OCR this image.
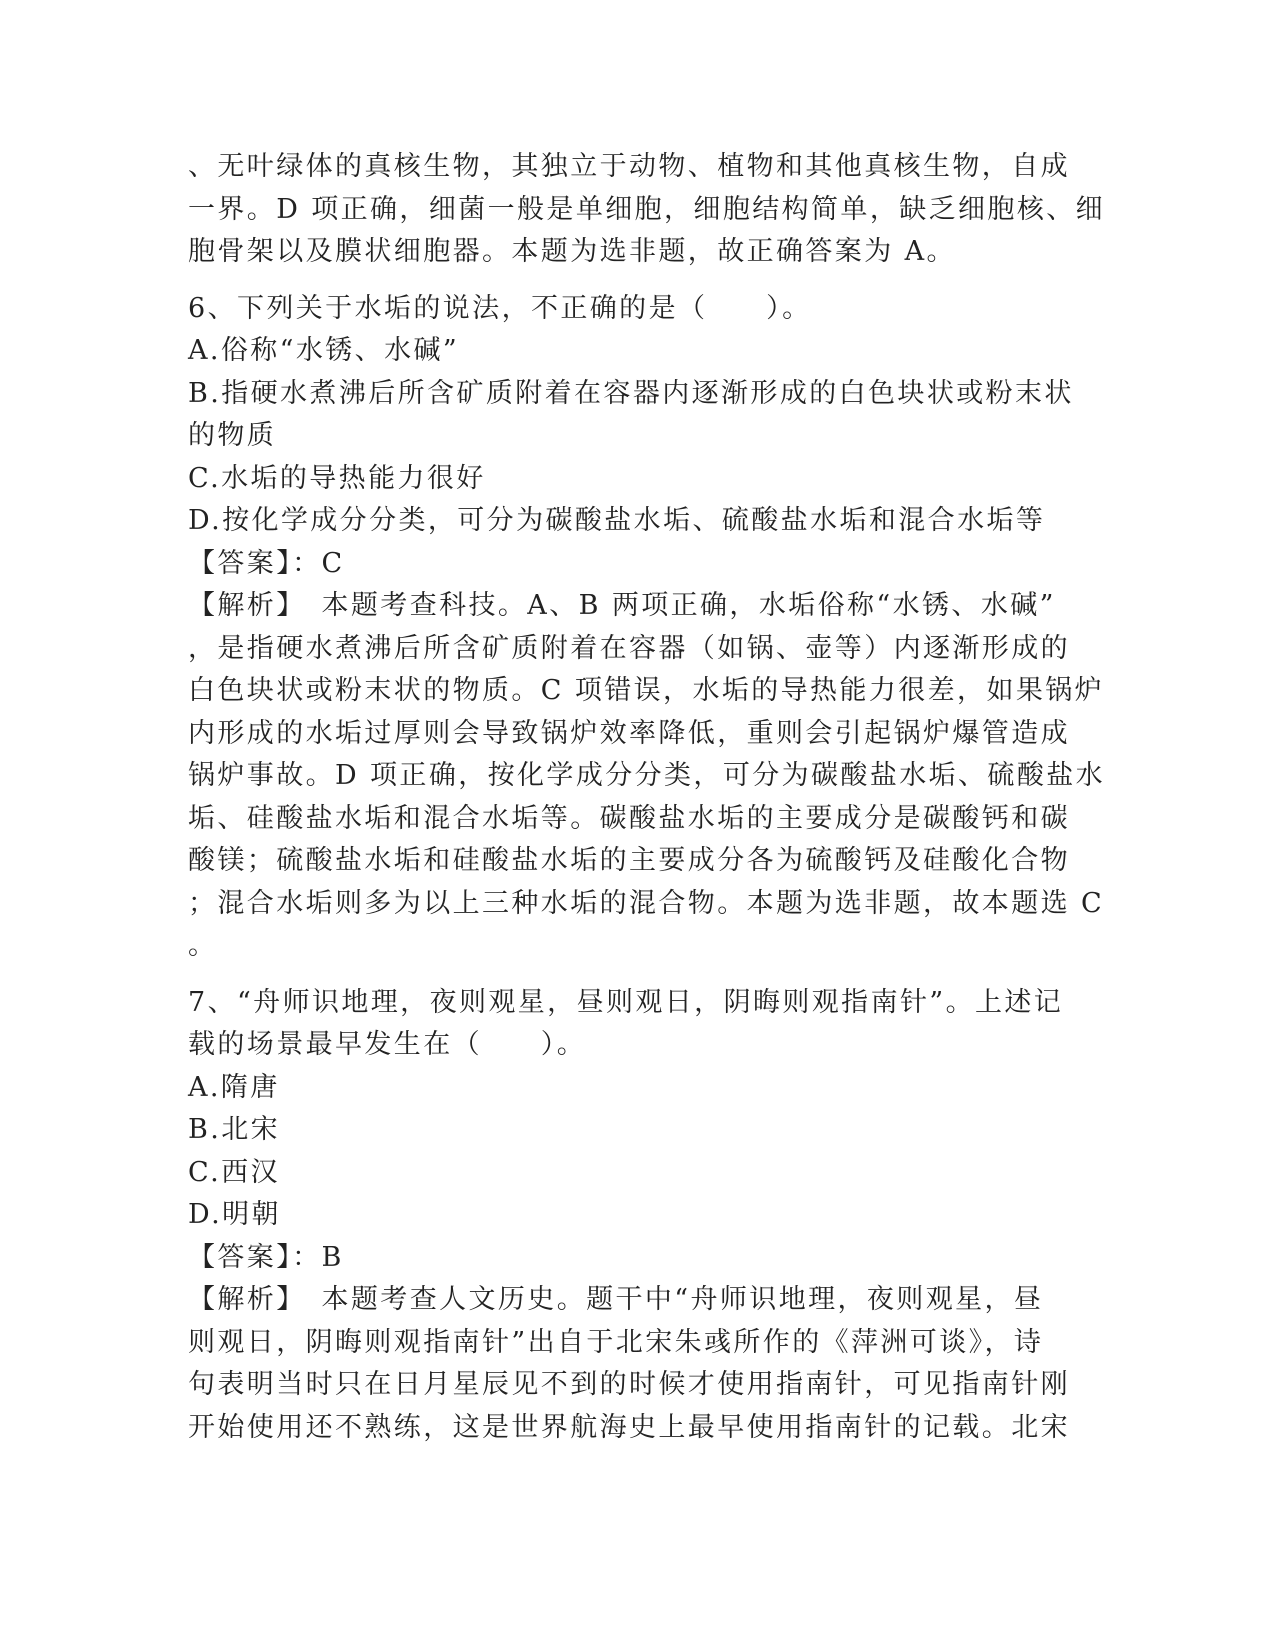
、无叶绿体的真核生物，其独立于动物、植物和其他真核生物，自成
一界。D 项正确，细菌一般是单细胞，细胞结构简单，缺乏细胞核、细
胞骨架以及膜状细胞器。本题为选非题，故正确答案为 A。
6、下列关于水垢的说法，不正确的是（　　）。
A.俗称“水锈、水碱”
B.指硬水煮沸后所含矿质附着在容器内逐渐形成的白色块状或粉末状
的物质
C.水垢的导热能力很好
D.按化学成分分类，可分为碳酸盐水垢、硫酸盐水垢和混合水垢等
【答案】：C
【解析】　本题考查科技。A、B 两项正确，水垢俗称“水锈、水碱”
，是指硬水煮沸后所含矿质附着在容器（如锅、壶等）内逐渐形成的
白色块状或粉末状的物质。C 项错误，水垢的导热能力很差，如果锅炉
内形成的水垢过厚则会导致锅炉效率降低，重则会引起锅炉爆管造成
锅炉事故。D 项正确，按化学成分分类，可分为碳酸盐水垢、硫酸盐水
垢、硅酸盐水垢和混合水垢等。碳酸盐水垢的主要成分是碳酸钙和碳
酸镁；硫酸盐水垢和硅酸盐水垢的主要成分各为硫酸钙及硅酸化合物
；混合水垢则多为以上三种水垢的混合物。本题为选非题，故本题选 C
。
7、“舟师识地理，夜则观星，昼则观日，阴晦则观指南针”。上述记
载的场景最早发生在（　　）。
A.隋唐
B.北宋
C.西汉
D.明朝
【答案】：B
【解析】　本题考查人文历史。题干中“舟师识地理，夜则观星，昼
则观日，阴晦则观指南针”出自于北宋朱彧所作的《萍洲可谈》，诗
句表明当时只在日月星辰见不到的时候才使用指南针，可见指南针刚
开始使用还不熟练，这是世界航海史上最早使用指南针的记载。北宋
